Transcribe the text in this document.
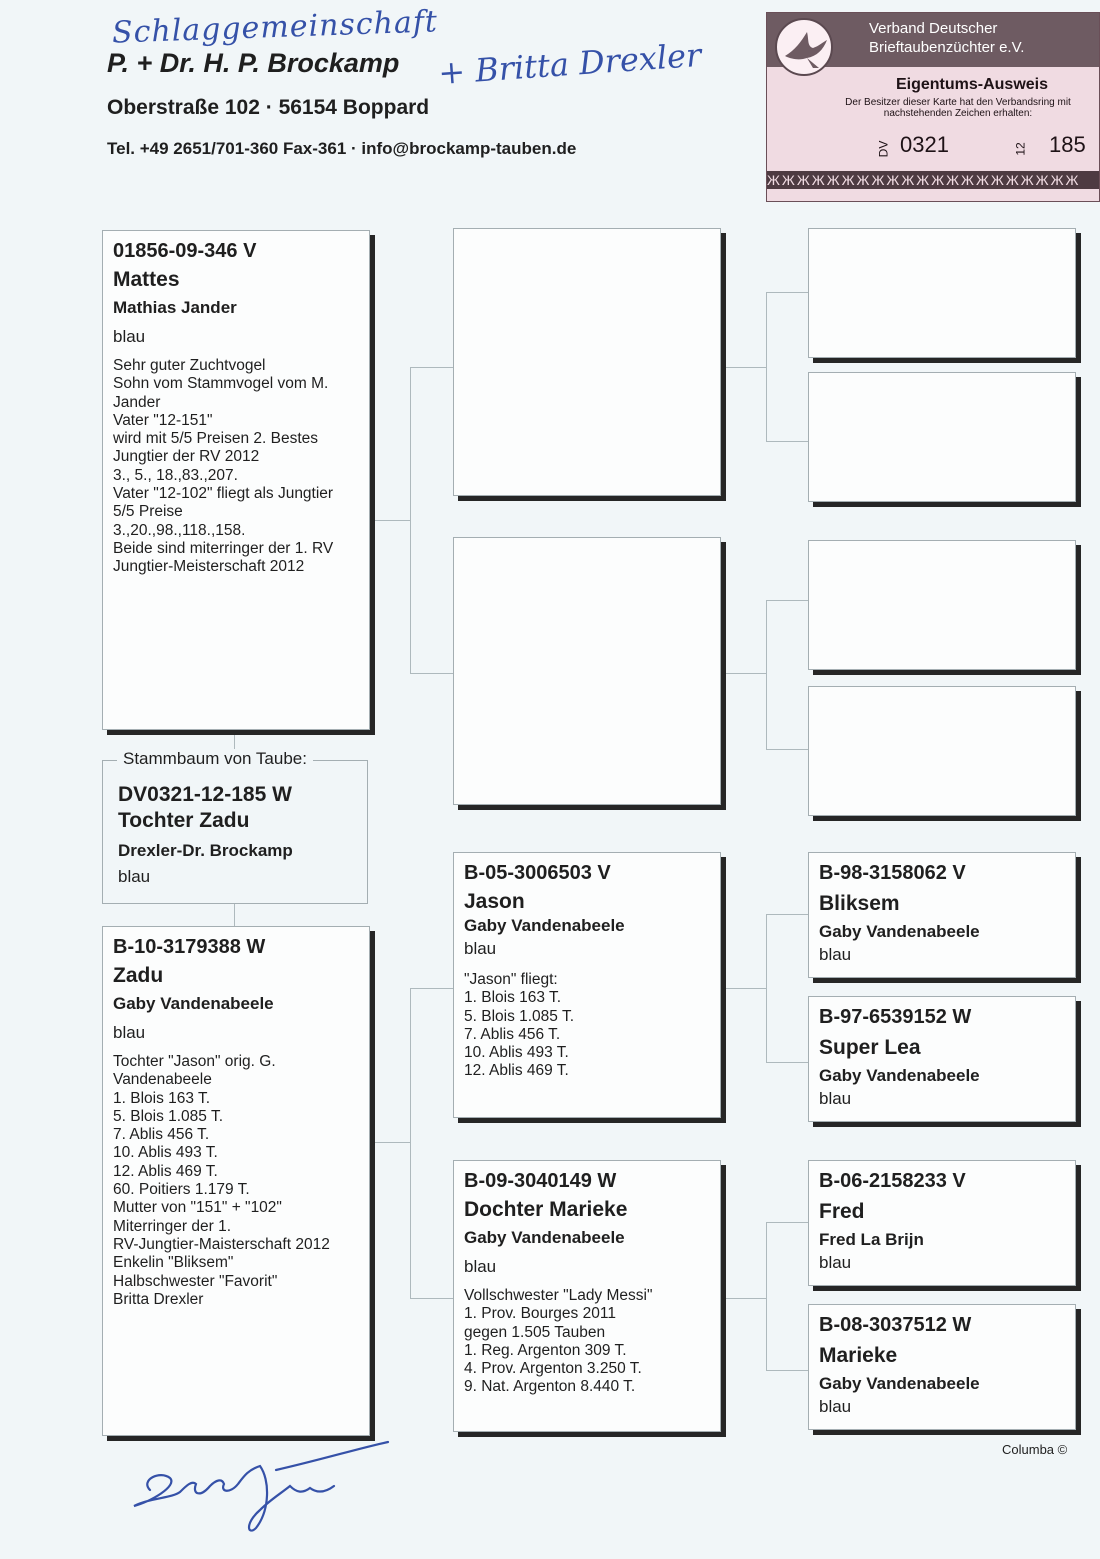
Schlaggemeinschaft
P. + Dr. H. P. Brockamp + Britta Drexler
Oberstraße 102 · 56154 Boppard
Tel. +49 2651/701-360 Fax-361 · info@brockamp-tauben.de
Verband Deutscher
Brieftaubenzüchter e.V.
Eigentums-Ausweis
Der Besitzer dieser Karte hat den Verbandsring mit nachstehenden Zeichen erhalten:
DV 0321	12 185
ЖЖЖЖЖЖЖЖЖЖЖЖЖЖЖЖЖЖЖЖЖ
01856-09-346 V
Mattes
Mathias Jander
blau
Sehr guter Zuchtvogel
Sohn vom Stammvogel vom M.
Jander
Vater "12-151"
wird mit 5/5 Preisen 2. Bestes
Jungtier der RV 2012
3., 5., 18.,83.,207.
Vater "12-102" fliegt als Jungtier
5/5 Preise
3.,20.,98.,118.,158.
Beide sind miterringer der 1. RV
Jungtier-Meisterschaft 2012
Stammbaum von Taube:
DV0321-12-185 W
Tochter Zadu
Drexler-Dr. Brockamp
blau
B-10-3179388 W
Zadu
Gaby Vandenabeele
blau
Tochter "Jason" orig. G.
Vandenabeele
1. Blois 163 T.
5. Blois 1.085 T.
7. Ablis 456 T.
10. Ablis 493 T.
12. Ablis 469 T.
60. Poitiers 1.179 T.
Mutter von "151" + "102"
Miterringer der 1.
RV-Jungtier-Maisterschaft 2012
Enkelin "Bliksem"
Halbschwester "Favorit"
Britta Drexler
B-05-3006503 V
Jason
Gaby Vandenabeele
blau
"Jason" fliegt:
1. Blois 163 T.
5. Blois 1.085 T.
7. Ablis 456 T.
10. Ablis 493 T.
12. Ablis 469 T.
B-09-3040149 W
Dochter Marieke
Gaby Vandenabeele
blau
Vollschwester "Lady Messi"
1. Prov. Bourges 2011
gegen 1.505 Tauben
1. Reg. Argenton 309 T.
4. Prov. Argenton 3.250 T.
9. Nat. Argenton 8.440 T.
B-98-3158062 V
Bliksem
Gaby Vandenabeele
blau
B-97-6539152 W
Super Lea
Gaby Vandenabeele
blau
B-06-2158233 V
Fred
Fred La Brijn
blau
B-08-3037512 W
Marieke
Gaby Vandenabeele
blau
Columba ©
